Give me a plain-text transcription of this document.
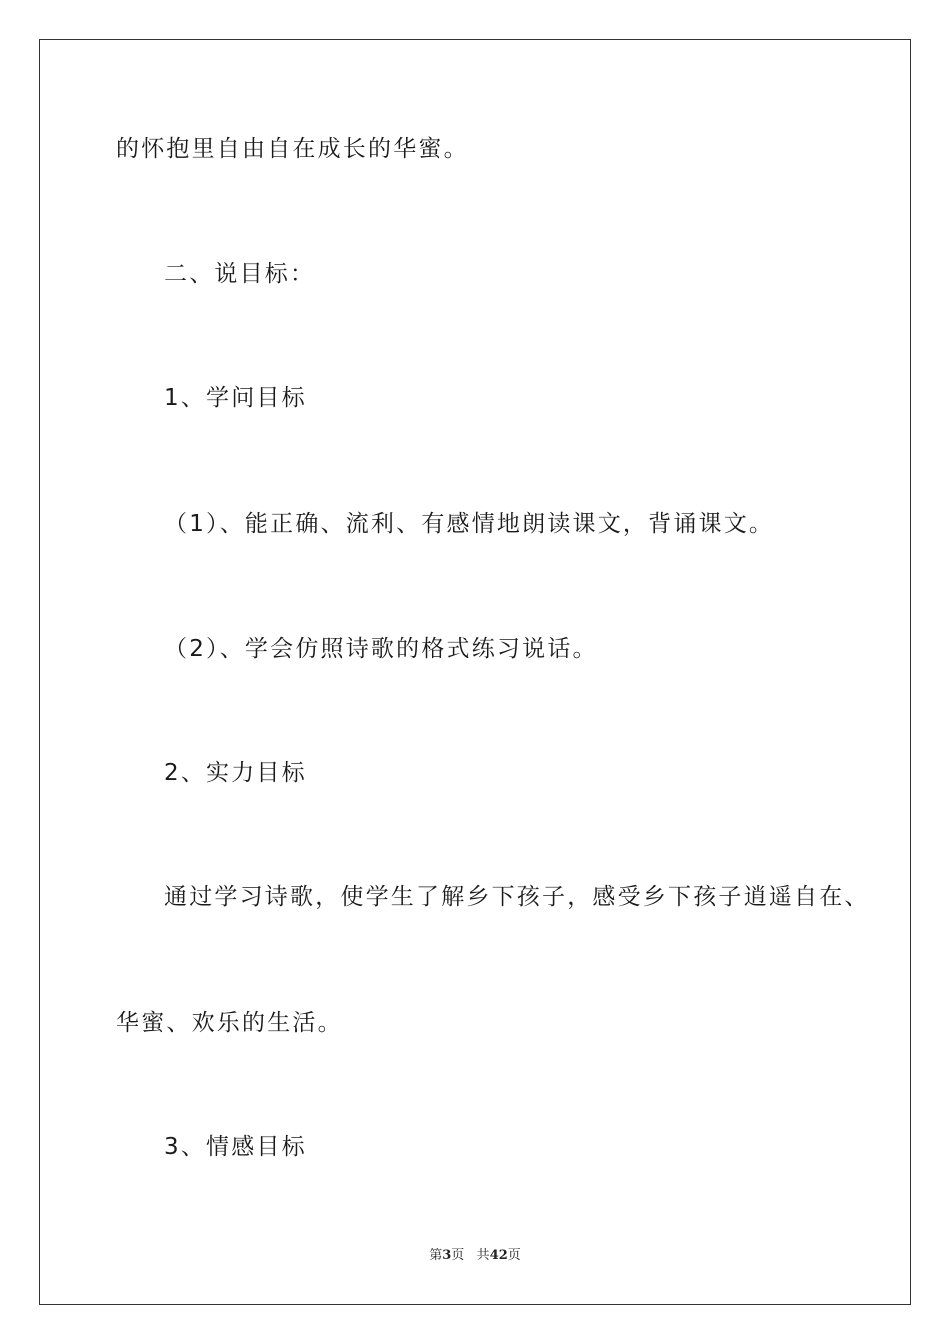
的怀抱里自由自在成长的华蜜。
二、说目标：
1、学问目标
（1）、能正确、流利、有感情地朗读课文，背诵课文。
（2）、学会仿照诗歌的格式练习说话。
2、实力目标
通过学习诗歌，使学生了解乡下孩子，感受乡下孩子逍遥自在、
华蜜、欢乐的生活。
3、情感目标
第3页 共42页
